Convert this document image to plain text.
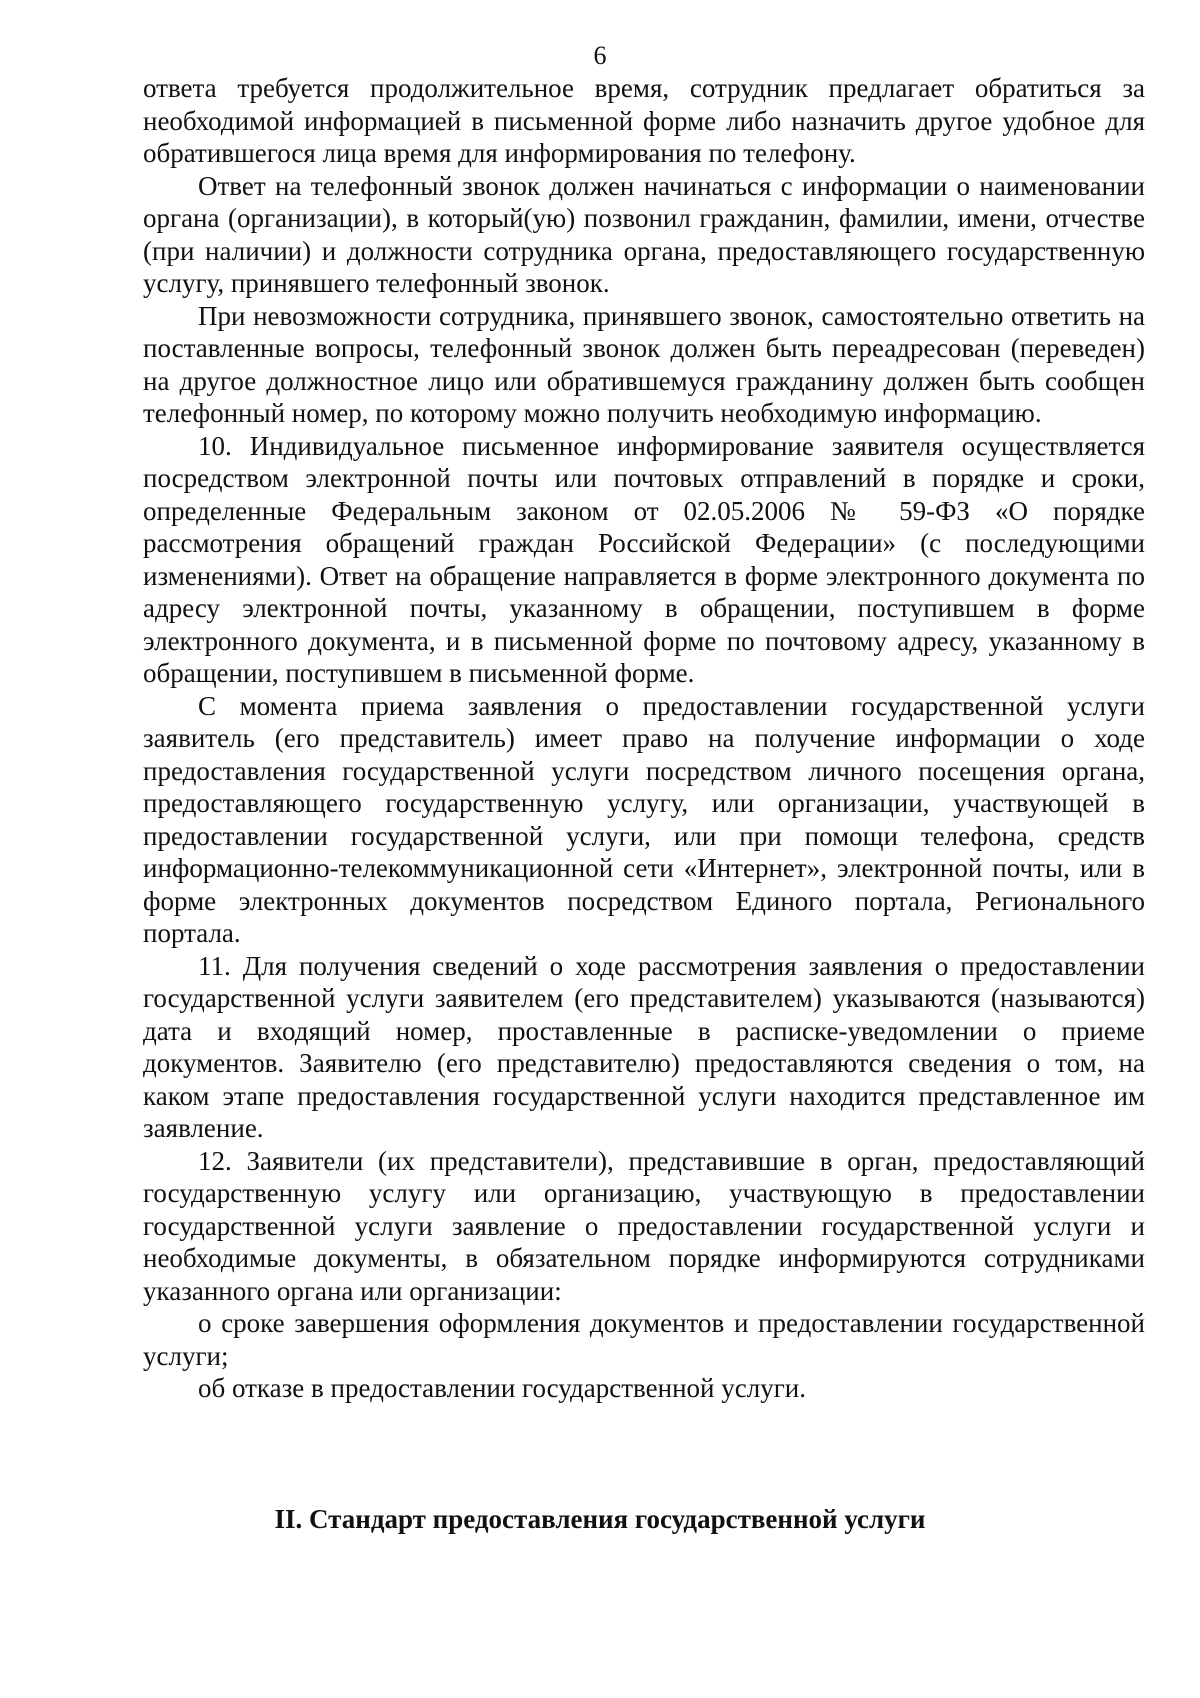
6

ответа требуется продолжительное время, сотрудник предлагает обратиться за необходимой информацией в письменной форме либо назначить другое удобное для обратившегося лица время для информирования по телефону.

Ответ на телефонный звонок должен начинаться с информации о наименовании органа (организации), в который(ую) позвонил гражданин, фамилии, имени, отчестве (при наличии) и должности сотрудника органа, предоставляющего государственную услугу, принявшего телефонный звонок.

При невозможности сотрудника, принявшего звонок, самостоятельно ответить на поставленные вопросы, телефонный звонок должен быть переадресован (переведен) на другое должностное лицо или обратившемуся гражданину должен быть сообщен телефонный номер, по которому можно получить необходимую информацию.

10. Индивидуальное письменное информирование заявителя осуществляется посредством электронной почты или почтовых отправлений в порядке и сроки, определенные Федеральным законом от 02.05.2006 № 59-ФЗ «О порядке рассмотрения обращений граждан Российской Федерации» (с последующими изменениями). Ответ на обращение направляется в форме электронного документа по адресу электронной почты, указанному в обращении, поступившем в форме электронного документа, и в письменной форме по почтовому адресу, указанному в обращении, поступившем в письменной форме.

С момента приема заявления о предоставлении государственной услуги заявитель (его представитель) имеет право на получение информации о ходе предоставления государственной услуги посредством личного посещения органа, предоставляющего государственную услугу, или организации, участвующей в предоставлении государственной услуги, или при помощи телефона, средств информационно-телекоммуникационной сети «Интернет», электронной почты, или в форме электронных документов посредством Единого портала, Регионального портала.

11. Для получения сведений о ходе рассмотрения заявления о предоставлении государственной услуги заявителем (его представителем) указываются (называются) дата и входящий номер, проставленные в расписке-уведомлении о приеме документов. Заявителю (его представителю) предоставляются сведения о том, на каком этапе предоставления государственной услуги находится представленное им заявление.

12. Заявители (их представители), представившие в орган, предоставляющий государственную услугу или организацию, участвующую в предоставлении государственной услуги заявление о предоставлении государственной услуги и необходимые документы, в обязательном порядке информируются сотрудниками указанного органа или организации:

о сроке завершения оформления документов и предоставлении государственной услуги;

об отказе в предоставлении государственной услуги.

II. Стандарт предоставления государственной услуги
